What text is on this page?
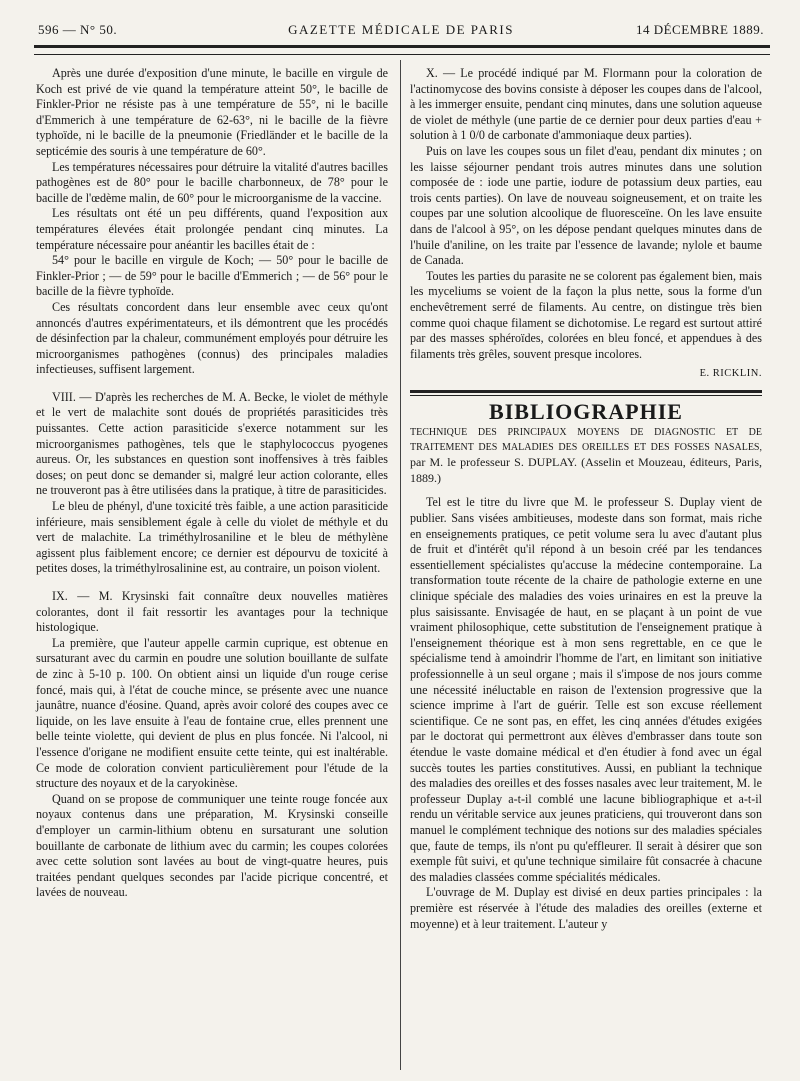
596 — N° 50.	GAZETTE MÉDICALE DE PARIS	14 DÉCEMBRE 1889.

Après une durée d'exposition d'une minute, le bacille en virgule de Koch est privé de vie quand la température atteint 50°, le bacille de Finkler-Prior ne résiste pas à une température de 55°, ni le bacille d'Emmerich à une température de 62-63°, ni le bacille de la fièvre typhoïde, ni le bacille de la pneumonie (Friedländer et le bacille de la septicémie des souris à une température de 60°.

Les températures nécessaires pour détruire la vitalité d'autres bacilles pathogènes est de 80° pour le bacille charbonneux, de 78° pour le bacille de l'œdème malin, de 60° pour le microorganisme de la vaccine.

Les résultats ont été un peu différents, quand l'exposition aux températures élevées était prolongée pendant cinq minutes. La température nécessaire pour anéantir les bacilles était de :

54° pour le bacille en virgule de Koch; — 50° pour le bacille de Finkler-Prior ; — de 59° pour le bacille d'Emmerich ; — de 56° pour le bacille de la fièvre typhoïde.

Ces résultats concordent dans leur ensemble avec ceux qu'ont annoncés d'autres expérimentateurs, et ils démontrent que les procédés de désinfection par la chaleur, communément employés pour détruire les microorganismes pathogènes (connus) des principales maladies infectieuses, suffisent largement.

VIII. — D'après les recherches de M. A. Becke, le violet de méthyle et le vert de malachite sont doués de propriétés parasiticides très puissantes. Cette action parasiticide s'exerce notamment sur les microorganismes pathogènes, tels que le staphylococcus pyogenes aureus. Or, les substances en question sont inoffensives à très faibles doses; on peut donc se demander si, malgré leur action colorante, elles ne trouveront pas à être utilisées dans la pratique, à titre de parasiticides.

Le bleu de phényl, d'une toxicité très faible, a une action parasiticide inférieure, mais sensiblement égale à celle du violet de méthyle et du vert de malachite. La triméthylrosaniline et le bleu de méthylène agissent plus faiblement encore; ce dernier est dépourvu de toxicité à petites doses, la triméthylrosalinine est, au contraire, un poison violent.

IX. — M. Krysinski fait connaître deux nouvelles matières colorantes, dont il fait ressortir les avantages pour la technique histologique.

La première, que l'auteur appelle carmin cuprique, est obtenue en sursaturant avec du carmin en poudre une solution bouillante de sulfate de zinc à 5-10 p. 100. On obtient ainsi un liquide d'un rouge cerise foncé, mais qui, à l'état de couche mince, se présente avec une nuance jaunâtre, nuance d'éosine. Quand, après avoir coloré des coupes avec ce liquide, on les lave ensuite à l'eau de fontaine crue, elles prennent une belle teinte violette, qui devient de plus en plus foncée. Ni l'alcool, ni l'essence d'origane ne modifient ensuite cette teinte, qui est inaltérable. Ce mode de coloration convient particulièrement pour l'étude de la structure des noyaux et de la caryokinèse.

Quand on se propose de communiquer une teinte rouge foncée aux noyaux contenus dans une préparation, M. Krysinski conseille d'employer un carmin-lithium obtenu en sursaturant une solution bouillante de carbonate de lithium avec du carmin; les coupes colorées avec cette solution sont lavées au bout de vingt-quatre heures, puis traitées pendant quelques secondes par l'acide picrique concentré, et lavées de nouveau.

X. — Le procédé indiqué par M. Flormann pour la coloration de l'actinomycose des bovins consiste à déposer les coupes dans de l'alcool, à les immerger ensuite, pendant cinq minutes, dans une solution aqueuse de violet de méthyle (une partie de ce dernier pour deux parties d'eau + solution à 1 0/0 de carbonate d'ammoniaque deux parties).

Puis on lave les coupes sous un filet d'eau, pendant dix minutes ; on les laisse séjourner pendant trois autres minutes dans une solution composée de : iode une partie, iodure de potassium deux parties, eau trois cents parties). On lave de nouveau soigneusement, et on traite les coupes par une solution alcoolique de fluoresceïne. On les lave ensuite dans de l'alcool à 95°, on les dépose pendant quelques minutes dans de l'huile d'aniline, on les traite par l'essence de lavande; nylole et baume de Canada.

Toutes les parties du parasite ne se colorent pas également bien, mais les myceliums se voient de la façon la plus nette, sous la forme d'un enchevêtrement serré de filaments. Au centre, on distingue très bien comme quoi chaque filament se dichotomise. Le regard est surtout attiré par des masses sphéroïdes, colorées en bleu foncé, et appendues à des filaments très grêles, souvent presque incolores.

E. RICKLIN.
BIBLIOGRAPHIE

TECHNIQUE DES PRINCIPAUX MOYENS DE DIAGNOSTIC ET DE TRAITEMENT DES MALADIES DES OREILLES ET DES FOSSES NASALES, par M. le professeur S. DUPLAY. (Asselin et Mouzeau, éditeurs, Paris, 1889.)

Tel est le titre du livre que M. le professeur S. Duplay vient de publier. Sans visées ambitieuses, modeste dans son format, mais riche en enseignements pratiques, ce petit volume sera lu avec d'autant plus de fruit et d'intérêt qu'il répond à un besoin créé par les tendances essentiellement spécialistes qu'accuse la médecine contemporaine. La transformation toute récente de la chaire de pathologie externe en une clinique spéciale des maladies des voies urinaires en est la preuve la plus saisissante. Envisagée de haut, en se plaçant à un point de vue vraiment philosophique, cette substitution de l'enseignement pratique à l'enseignement théorique est à mon sens regrettable, en ce que le spécialisme tend à amoindrir l'homme de l'art, en limitant son initiative professionnelle à un seul organe ; mais il s'impose de nos jours comme une nécessité inéluctable en raison de l'extension progressive que la science imprime à l'art de guérir. Telle est son excuse réellement scientifique. Ce ne sont pas, en effet, les cinq années d'études exigées par le doctorat qui permettront aux élèves d'embrasser dans toute son étendue le vaste domaine médical et d'en étudier à fond avec un égal succès toutes les parties constitutives. Aussi, en publiant la technique des maladies des oreilles et des fosses nasales avec leur traitement, M. le professeur Duplay a-t-il comblé une lacune bibliographique et a-t-il rendu un véritable service aux jeunes praticiens, qui trouveront dans son manuel le complément technique des notions sur des maladies spéciales que, faute de temps, ils n'ont pu qu'effleurer. Il serait à désirer que son exemple fût suivi, et qu'une technique similaire fût consacrée à chacune des maladies classées comme spécialités médicales.

L'ouvrage de M. Duplay est divisé en deux parties principales : la première est réservée à l'étude des maladies des oreilles (externe et moyenne) et à leur traitement. L'auteur y
